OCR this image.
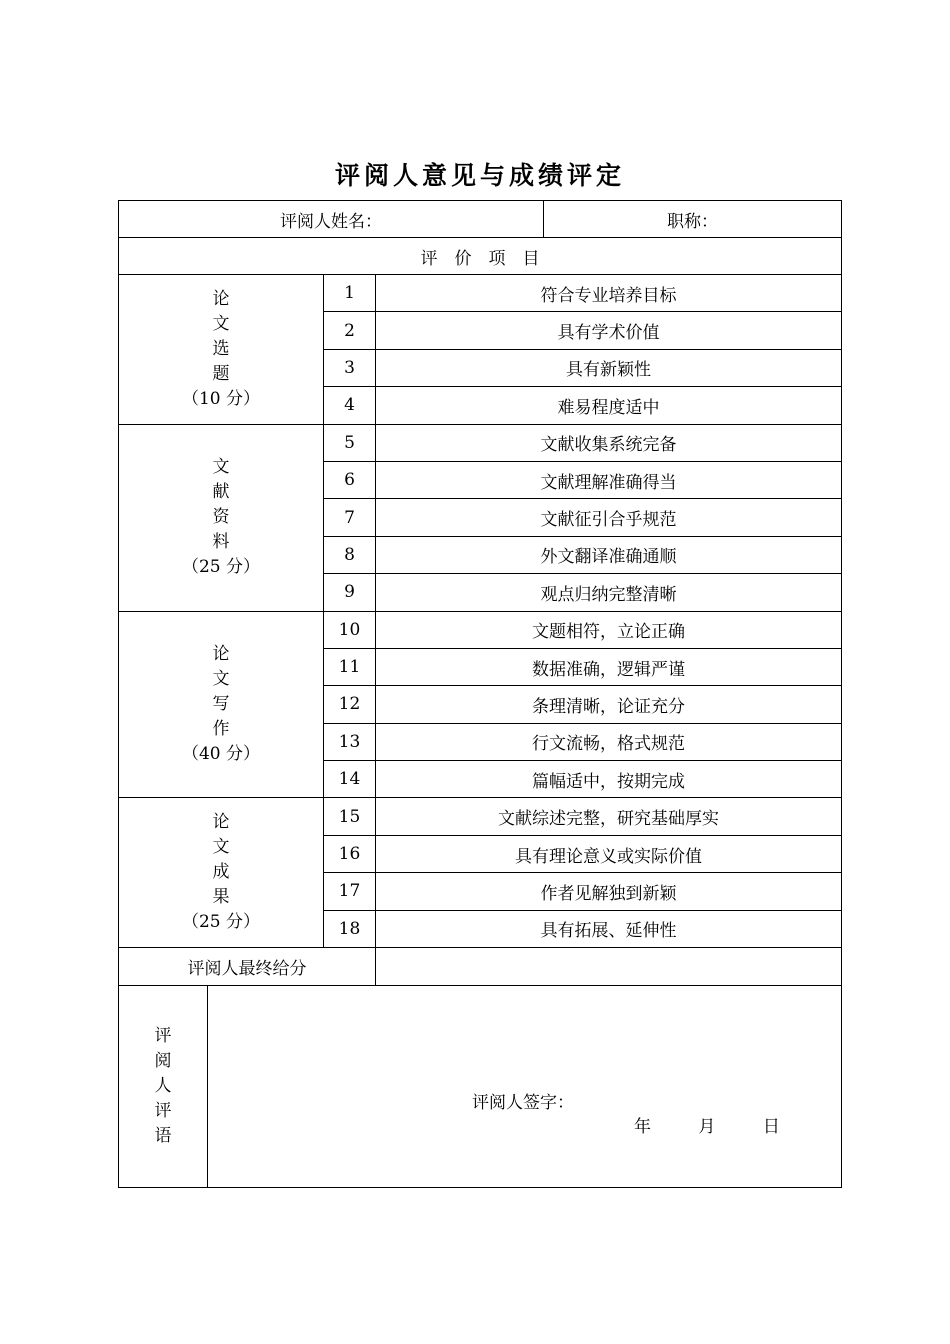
评阅人意见与成绩评定
评阅人姓名：				职称：
评　价　项　目				

论
文
选
题
（10 分）		1	符合专业培养目标	
		2	具有学术价值	
		3	具有新颖性	
		4	难易程度适中	

文
献
资
料
（25 分）		5	文献收集系统完备	
		6	文献理解准确得当	
		7	文献征引合乎规范	
		8	外文翻译准确通顺	
		9	观点归纳完整清晰	

论
文
写
作
（40 分）		10	文题相符，立论正确	
		11	数据准确，逻辑严谨	
		12	条理清晰，论证充分	
		13	行文流畅，格式规范	
		14	篇幅适中，按期完成	

论
文
成
果
（25 分）		15	文献综述完整，研究基础厚实	
		16	具有理论意义或实际价值	
		17	作者见解独到新颖	
		18	具有拓展、延伸性	
评阅人最终给分				

评
阅
人
评
语				

评阅人签字：
年	月	日
